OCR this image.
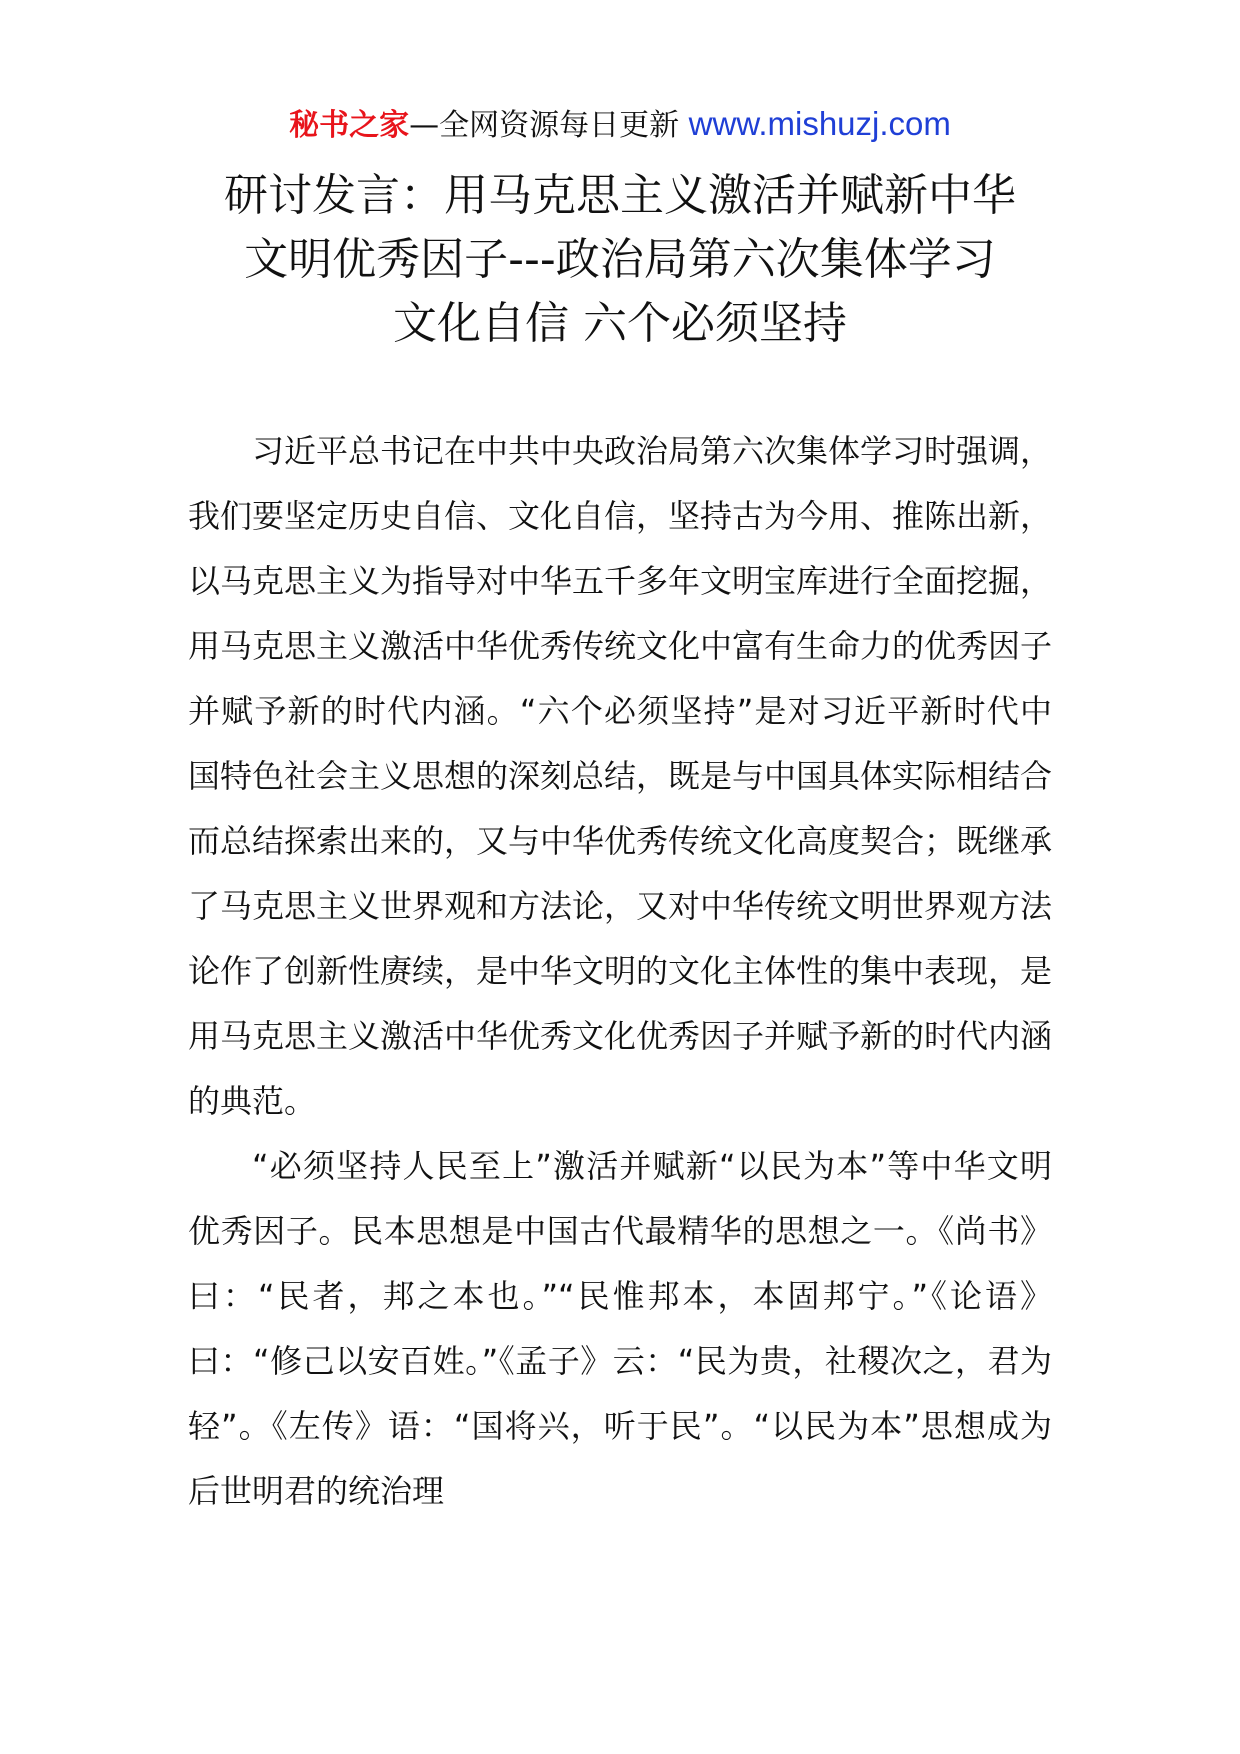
秘书之家—全网资源每日更新 www.mishuzj.com
研讨发言：用马克思主义激活并赋新中华
文明优秀因子---政治局第六次集体学习
文化自信 六个必须坚持

习近平总书记在中共中央政治局第六次集体学习时强调，我们要坚定历史自信、文化自信，坚持古为今用、推陈出新，以马克思主义为指导对中华五千多年文明宝库进行全面挖掘，用马克思主义激活中华优秀传统文化中富有生命力的优秀因子并赋予新的时代内涵。“六个必须坚持”是对习近平新时代中国特色社会主义思想的深刻总结，既是与中国具体实际相结合而总结探索出来的，又与中华优秀传统文化高度契合；既继承了马克思主义世界观和方法论，又对中华传统文明世界观方法论作了创新性赓续，是中华文明的文化主体性的集中表现，是用马克思主义激活中华优秀文化优秀因子并赋予新的时代内涵的典范。

“必须坚持人民至上”激活并赋新“以民为本”等中华文明优秀因子。民本思想是中国古代最精华的思想之一。《尚书》曰：“民者，邦之本也。”“民惟邦本，本固邦宁。”《论语》曰：“修己以安百姓。”《孟子》云：“民为贵，社稷次之，君为轻”。《左传》语：“国将兴，听于民”。“以民为本”思想成为后世明君的统治理
